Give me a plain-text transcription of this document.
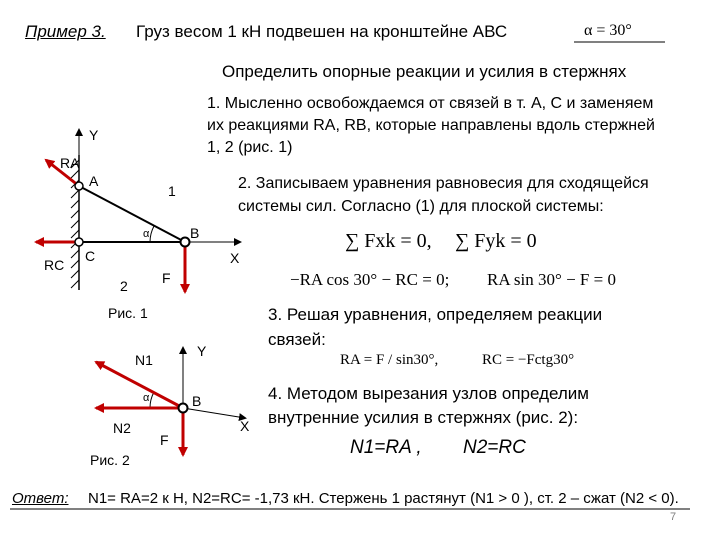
Пример 3. Груз весом 1 кН подвешен на кронштейне АВС	α = 30°
Определить опорные реакции и усилия в стержнях
1. Мысленно освобождаемся от связей в т. А, С и заменяем
их реакциями RA, RB, которые направлены вдоль стержней
1, 2 (рис. 1)
2. Записываем уравнения равновесия для сходящейся
системы сил. Согласно (1) для плоской системы:
∑ Fxk = 0, ∑ Fyk = 0
−RA cos 30° − RC = 0; RA sin 30° − F = 0
3. Решая уравнения, определяем реакции
связей:
RA = F / sin30°,	RC = −Fctg30°
4. Методом вырезания узлов определим
внутренние усилия в стержнях (рис. 2):
N1=RA , N2=RC
Ответ: N1= RA=2 к Н, N2=RC= -1,73 кН. Стержень 1 растянут (N1 > 0 ), ст. 2 – сжат (N2 < 0).
7
Y
RA
A
1
B
α
X
RC
C
2 F
Рис. 1
N1
Y
B
α
N2	X
F
Рис. 2
